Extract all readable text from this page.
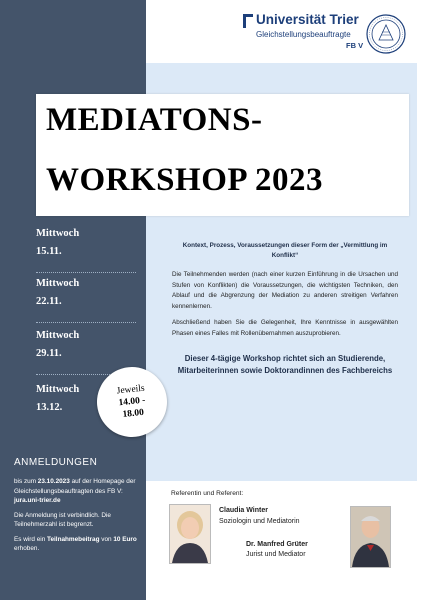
Universität Trier
Gleichstellungsbeauftragte
FB V
MEDIATONS-
WORKSHOP 2023
Mittwoch
15.11.
Mittwoch
22.11.
Mittwoch
29.11.
Mittwoch
13.12.
Jeweils
14.00 -
18.00

Kontext, Prozess, Voraussetzungen dieser Form der „Vermittlung im Konflikt“

Die Teilnehmenden werden (nach einer kurzen Einführung in die Ursachen und Stufen von Konflikten) die Voraussetzungen, die wichtigsten Techniken, den Ablauf und die Abgrenzung der Mediation zu anderen streitigen Verfahren kennenlernen.

Abschließend haben Sie die Gelegenheit, Ihre Kenntnisse in ausgewählten Phasen eines Falles mit Rollenübernahmen auszuprobieren.

Dieser 4-tägige Workshop richtet sich an Studierende, Mitarbeiterinnen sowie Doktorandinnen des Fachbereichs

ANMELDUNGEN

bis zum 23.10.2023 auf der Homepage der Gleichstellungsbeauftragten des FB V: jura.uni-trier.de

Die Anmeldung ist verbindlich. Die Teilnehmerzahl ist begrenzt.

Es wird ein Teilnahmebeitrag von 10 Euro erhoben.

Referentin und Referent:
Claudia Winter
Soziologin und Mediatorin
Dr. Manfred Grüter
Jurist und Mediator
